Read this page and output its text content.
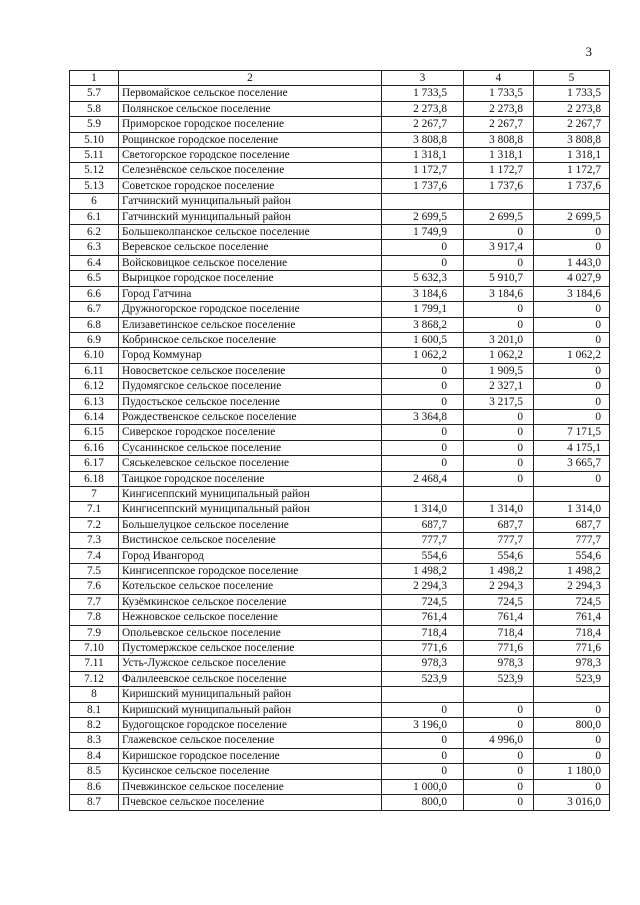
3
1	2	3	4	5
5.7	Первомайское сельское поселение	1 733,5	1 733,5	1 733,5
5.8	Полянское сельское поселение	2 273,8	2 273,8	2 273,8
5.9	Приморское городское поселение	2 267,7	2 267,7	2 267,7
5.10	Рощинское городское поселение	3 808,8	3 808,8	3 808,8
5.11	Светогорское городское поселение	1 318,1	1 318,1	1 318,1
5.12	Селезнёвское сельское поселение	1 172,7	1 172,7	1 172,7
5.13	Советское городское поселение	1 737,6	1 737,6	1 737,6
6	Гатчинский муниципальный район			
6.1	Гатчинский муниципальный район	2 699,5	2 699,5	2 699,5
6.2	Большеколпанское сельское поселение	1 749,9	0	0
6.3	Веревское сельское поселение	0	3 917,4	0
6.4	Войсковицкое сельское поселение	0	0	1 443,0
6.5	Вырицкое городское поселение	5 632,3	5 910,7	4 027,9
6.6	Город Гатчина	3 184,6	3 184,6	3 184,6
6.7	Дружногорское городское поселение	1 799,1	0	0
6.8	Елизаветинское сельское поселение	3 868,2	0	0
6.9	Кобринское сельское поселение	1 600,5	3 201,0	0
6.10	Город Коммунар	1 062,2	1 062,2	1 062,2
6.11	Новосветское сельское поселение	0	1 909,5	0
6.12	Пудомягское сельское поселение	0	2 327,1	0
6.13	Пудостьское сельское поселение	0	3 217,5	0
6.14	Рождественское сельское поселение	3 364,8	0	0
6.15	Сиверское городское поселение	0	0	7 171,5
6.16	Сусанинское сельское поселение	0	0	4 175,1
6.17	Сяськелевское сельское поселение	0	0	3 665,7
6.18	Таицкое городское поселение	2 468,4	0	0
7	Кингисеппский муниципальный район			
7.1	Кингисеппский муниципальный район	1 314,0	1 314,0	1 314,0
7.2	Большелуцкое сельское поселение	687,7	687,7	687,7
7.3	Вистинское сельское поселение	777,7	777,7	777,7
7.4	Город Ивангород	554,6	554,6	554,6
7.5	Кингисеппское городское поселение	1 498,2	1 498,2	1 498,2
7.6	Котельское сельское поселение	2 294,3	2 294,3	2 294,3
7.7	Кузёмкинское сельское поселение	724,5	724,5	724,5
7.8	Нежновское сельское поселение	761,4	761,4	761,4
7.9	Опольевское сельское поселение	718,4	718,4	718,4
7.10	Пустомержское сельское поселение	771,6	771,6	771,6
7.11	Усть-Лужское сельское поселение	978,3	978,3	978,3
7.12	Фалилеевское сельское поселение	523,9	523,9	523,9
8	Киришский муниципальный район			
8.1	Киришский муниципальный район	0	0	0
8.2	Будогощское городское поселение	3 196,0	0	800,0
8.3	Глажевское сельское поселение	0	4 996,0	0
8.4	Киришское городское поселение	0	0	0
8.5	Кусинское сельское поселение	0	0	1 180,0
8.6	Пчевжинское сельское поселение	1 000,0	0	0
8.7	Пчевское сельское поселение	800,0	0	3 016,0
